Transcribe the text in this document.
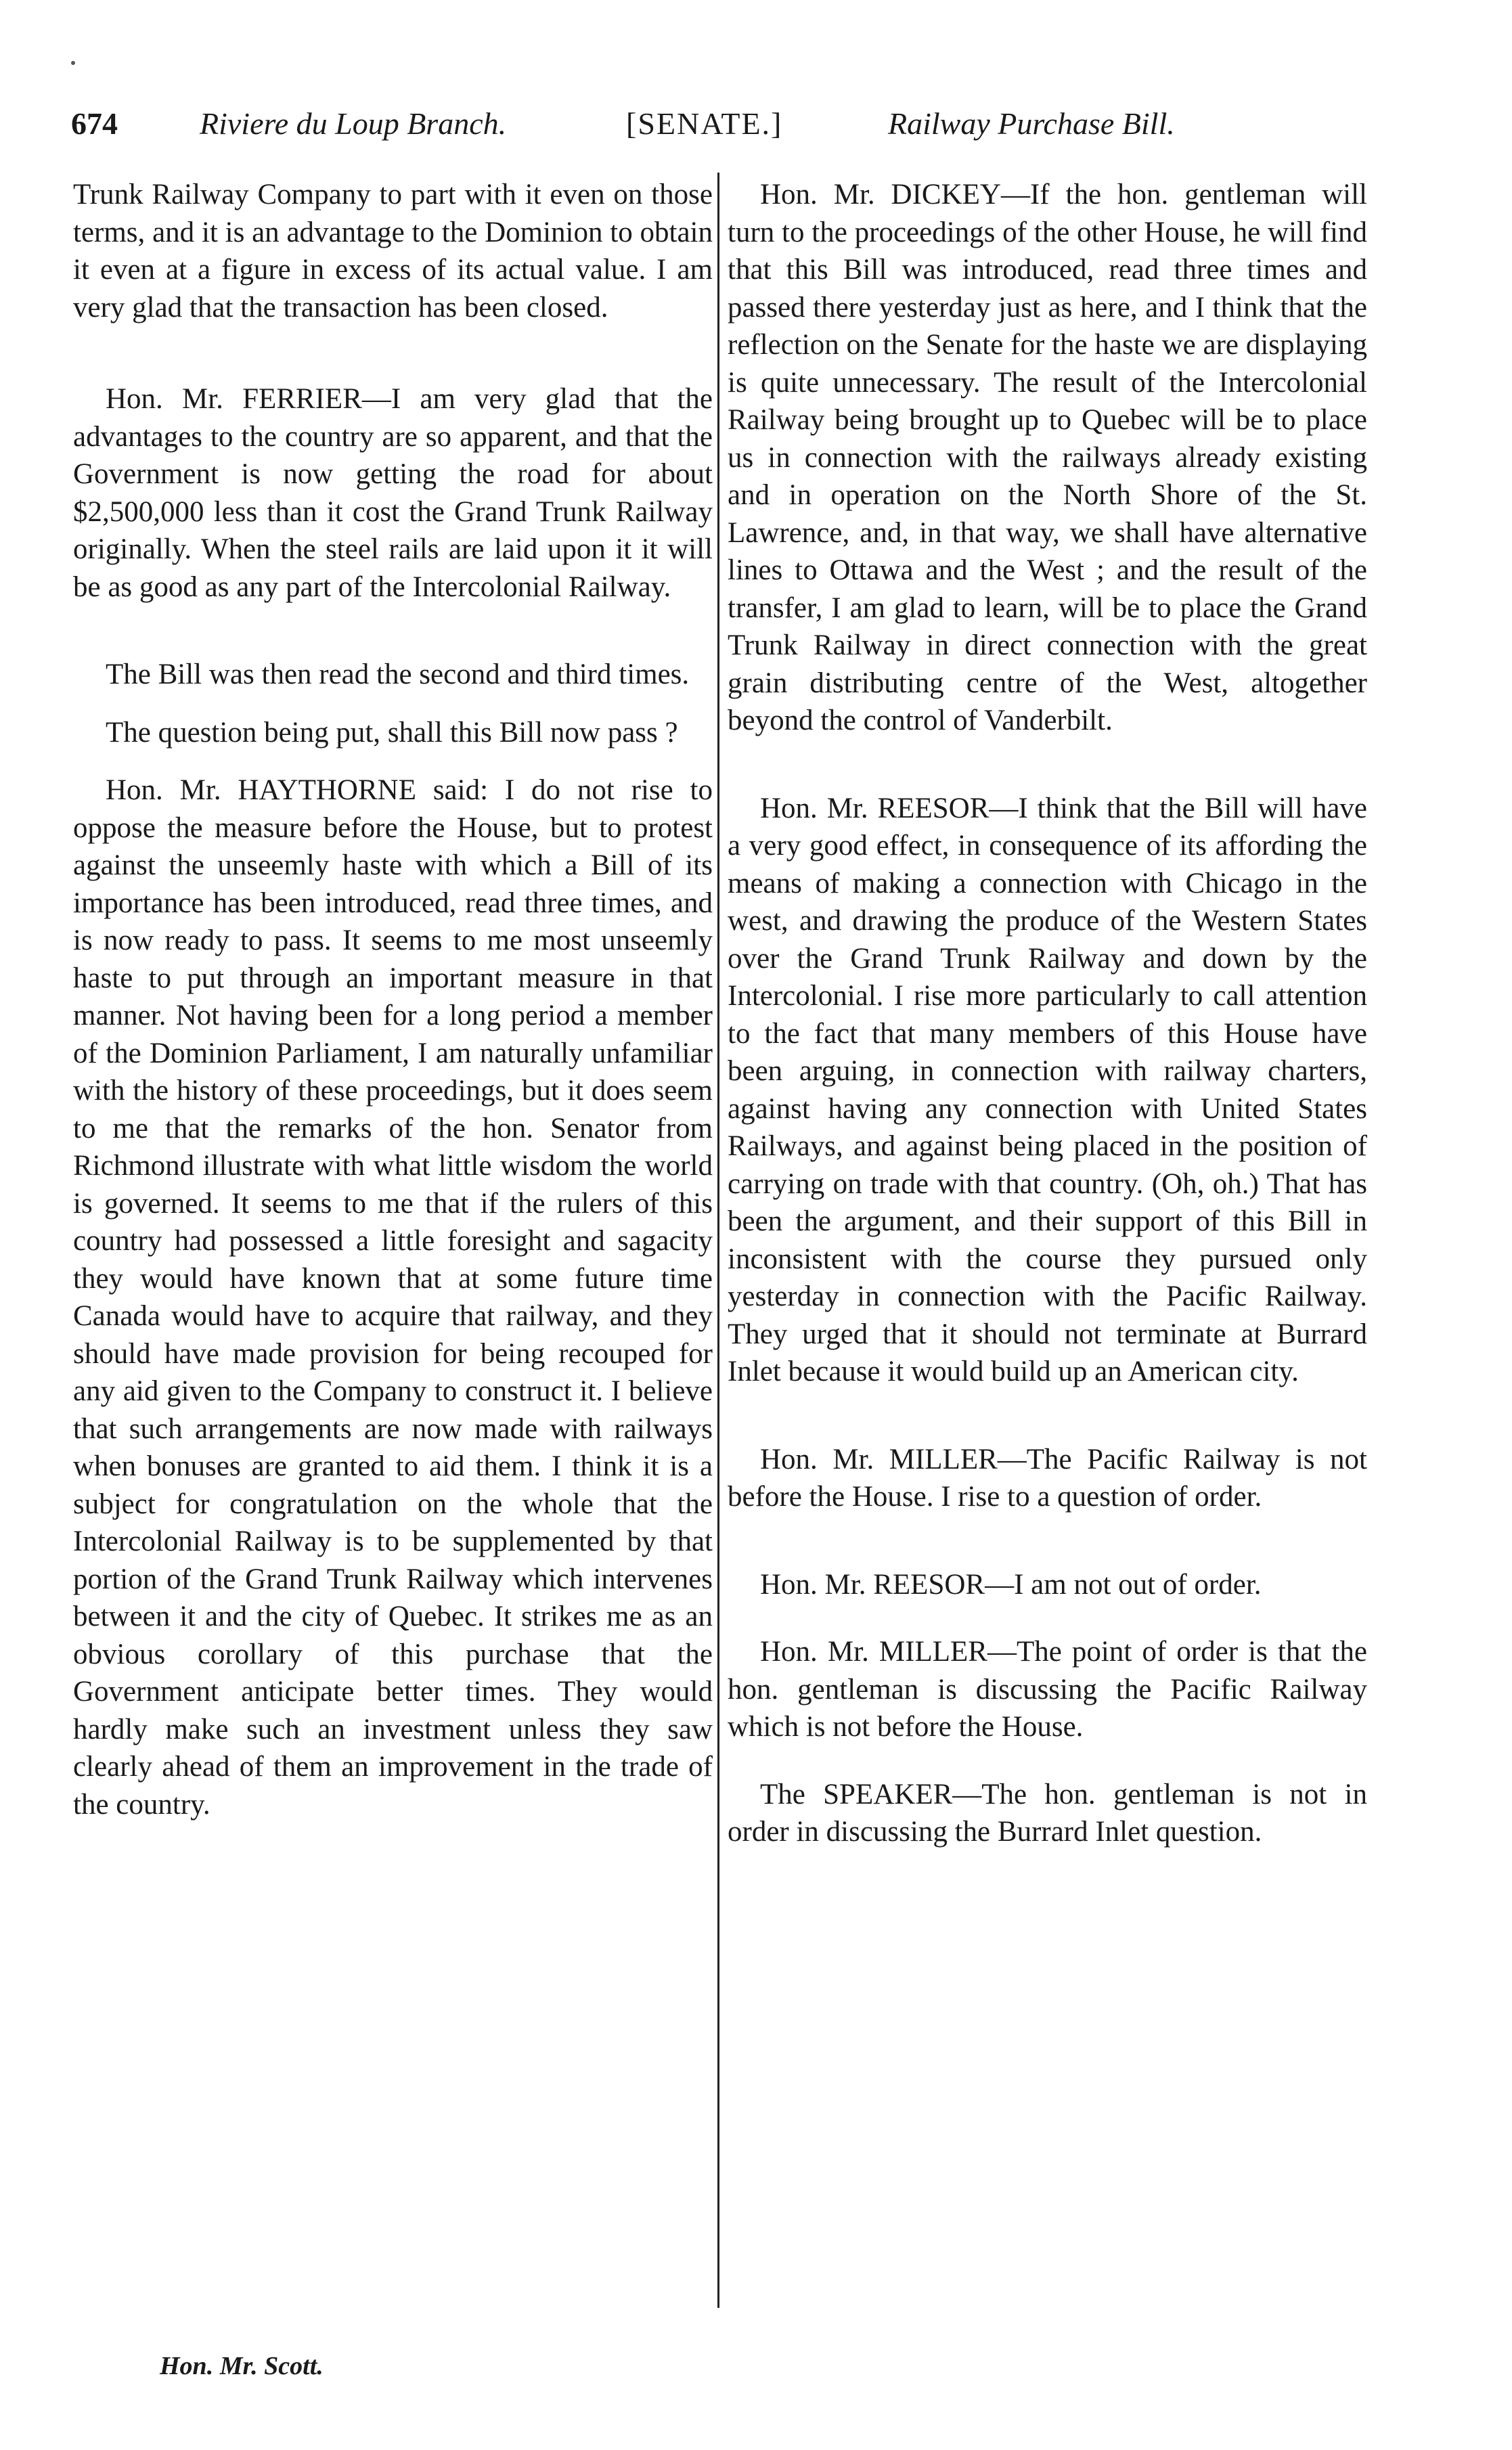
674	Riviere du Loup Branch.	[SENATE.]	Railway Purchase Bill.

Trunk Railway Company to part with it even on those terms, and it is an advantage to the Dominion to obtain it even at a figure in excess of its actual value. I am very glad that the transaction has been closed.

Hon. Mr. FERRIER—I am very glad that the advantages to the country are so apparent, and that the Government is now getting the road for about $2,500,000 less than it cost the Grand Trunk Railway originally. When the steel rails are laid upon it it will be as good as any part of the Intercolonial Railway.

The Bill was then read the second and third times.

The question being put, shall this Bill now pass ?

Hon. Mr. HAYTHORNE said: I do not rise to oppose the measure before the House, but to protest against the unseemly haste with which a Bill of its importance has been introduced, read three times, and is now ready to pass. It seems to me most unseemly haste to put through an important measure in that manner. Not having been for a long period a member of the Dominion Parliament, I am naturally unfamiliar with the history of these proceedings, but it does seem to me that the remarks of the hon. Senator from Richmond illustrate with what little wisdom the world is governed. It seems to me that if the rulers of this country had possessed a little foresight and sagacity they would have known that at some future time Canada would have to acquire that railway, and they should have made provision for being recouped for any aid given to the Company to construct it. I believe that such arrangements are now made with railways when bonuses are granted to aid them. I think it is a subject for congratulation on the whole that the Intercolonial Railway is to be supplemented by that portion of the Grand Trunk Railway which intervenes between it and the city of Quebec. It strikes me as an obvious corollary of this purchase that the Government anticipate better times. They would hardly make such an investment unless they saw clearly ahead of them an improvement in the trade of the country.

Hon. Mr. DICKEY—If the hon. gentleman will turn to the proceedings of the other House, he will find that this Bill was introduced, read three times and passed there yesterday just as here, and I think that the reflection on the Senate for the haste we are displaying is quite unnecessary. The result of the Intercolonial Railway being brought up to Quebec will be to place us in connection with the railways already existing and in operation on the North Shore of the St. Lawrence, and, in that way, we shall have alternative lines to Ottawa and the West ; and the result of the transfer, I am glad to learn, will be to place the Grand Trunk Railway in direct connection with the great grain distributing centre of the West, altogether beyond the control of Vanderbilt.

Hon. Mr. REESOR—I think that the Bill will have a very good effect, in consequence of its affording the means of making a connection with Chicago in the west, and drawing the produce of the Western States over the Grand Trunk Railway and down by the Intercolonial. I rise more particularly to call attention to the fact that many members of this House have been arguing, in connection with railway charters, against having any connection with United States Railways, and against being placed in the position of carrying on trade with that country. (Oh, oh.) That has been the argument, and their support of this Bill in inconsistent with the course they pursued only yesterday in connection with the Pacific Railway. They urged that it should not terminate at Burrard Inlet because it would build up an American city.

Hon. Mr. MILLER—The Pacific Railway is not before the House. I rise to a question of order.

Hon. Mr. REESOR—I am not out of order.

Hon. Mr. MILLER—The point of order is that the hon. gentleman is discussing the Pacific Railway which is not before the House.

The SPEAKER—The hon. gentleman is not in order in discussing the Burrard Inlet question.

Hon. Mr. Scott.
